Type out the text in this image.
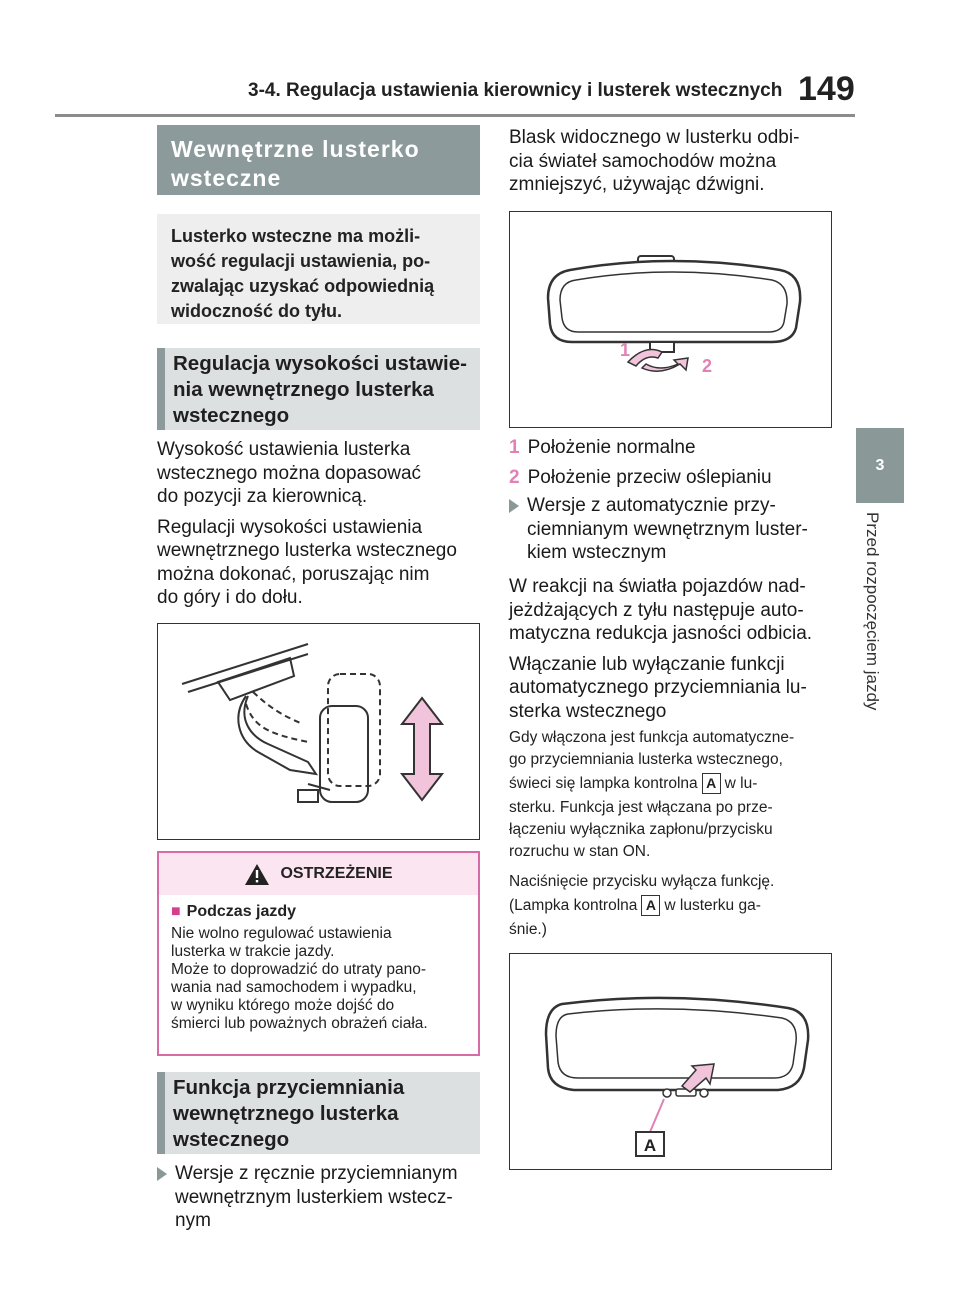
3-4. Regulacja ustawienia kierownicy i lusterek wstecznych 149
3
Przed rozpoczęciem jazdy
Wewnętrzne lusterko
wsteczne
Lusterko wsteczne ma możli-
wość regulacji ustawienia, po-
zwalając uzyskać odpowiednią
widoczność do tyłu.
Regulacja wysokości ustawie-
nia wewnętrznego lusterka
wstecznego
Wysokość ustawienia lusterka
wstecznego można dopasować
do pozycji za kierownicą.
Regulacji wysokości ustawienia
wewnętrznego lusterka wstecznego
można dokonać, poruszając nim
do góry i do dołu.
OSTRZEŻENIE
■ Podczas jazdy
Nie wolno regulować ustawienia
lusterka w trakcie jazdy.
Może to doprowadzić do utraty pano-
wania nad samochodem i wypadku,
w wyniku którego może dojść do
śmierci lub poważnych obrażeń ciała.
Funkcja przyciemniania
wewnętrznego lusterka
wstecznego
Wersje z ręcznie przyciemnianym
wewnętrznym lusterkiem wstecz-
nym
Blask widocznego w lusterku odbi-
cia świateł samochodów można
zmniejszyć, używając dźwigni.
1
2
1 Położenie normalne
2 Położenie przeciw oślepianiu
Wersje z automatycznie przy-
ciemnianym wewnętrznym luster-
kiem wstecznym
W reakcji na światła pojazdów nad-
jeżdżających z tyłu następuje auto-
matyczna redukcja jasności odbicia.
Włączanie lub wyłączanie funkcji
automatycznego przyciemniania lu-
sterka wstecznego
Gdy włączona jest funkcja automatyczne-
go przyciemniania lusterka wstecznego,
świeci się lampka kontrolna A w lu-
sterku. Funkcja jest włączana po prze-
łączeniu wyłącznika zapłonu/przycisku
rozruchu w stan ON.
Naciśnięcie przycisku wyłącza funkcję.
(Lampka kontrolna A w lusterku ga-
śnie.)
A
